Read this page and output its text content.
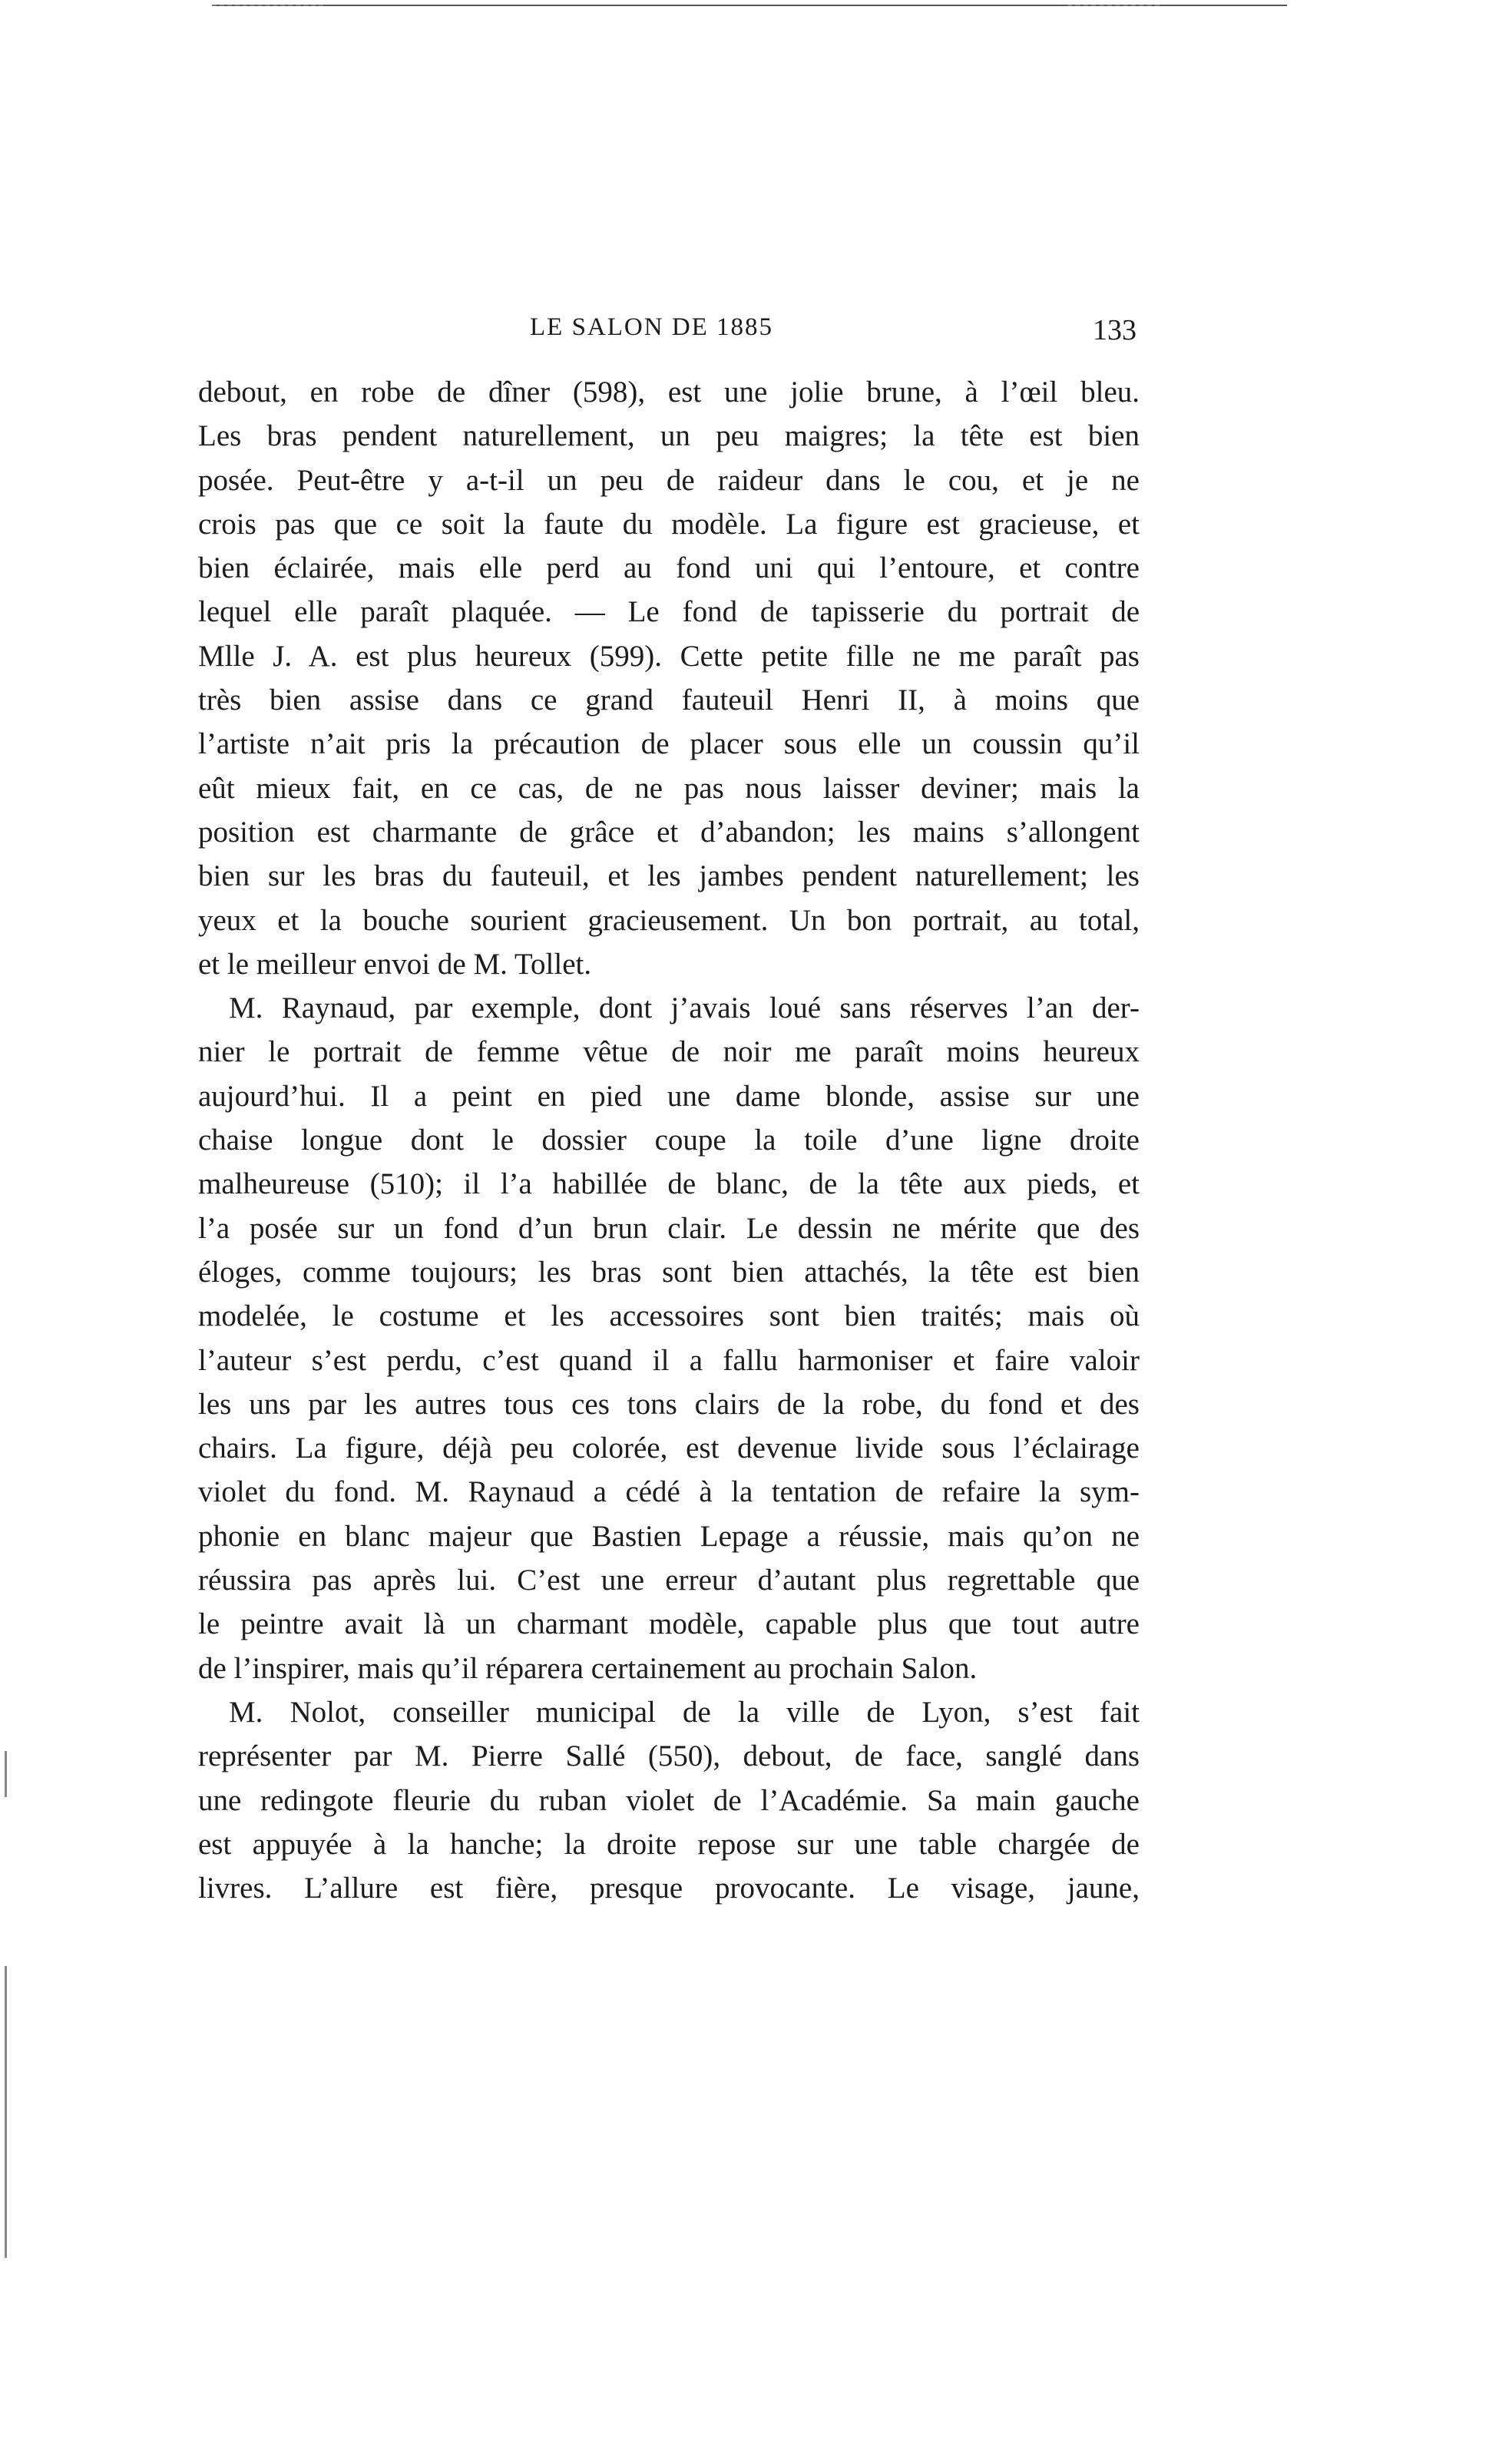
LE SALON DE 1885	133
debout, en robe de dîner (598), est une jolie brune, à l’œil bleu.
Les bras pendent naturellement, un peu maigres; la tête est bien
posée. Peut-être y a-t-il un peu de raideur dans le cou, et je ne
crois pas que ce soit la faute du modèle. La figure est gracieuse, et
bien éclairée, mais elle perd au fond uni qui l’entoure, et contre
lequel elle paraît plaquée. — Le fond de tapisserie du portrait de
Mlle J. A. est plus heureux (599). Cette petite fille ne me paraît pas
très bien assise dans ce grand fauteuil Henri II, à moins que
l’artiste n’ait pris la précaution de placer sous elle un coussin qu’il
eût mieux fait, en ce cas, de ne pas nous laisser deviner; mais la
position est charmante de grâce et d’abandon; les mains s’allongent
bien sur les bras du fauteuil, et les jambes pendent naturellement; les
yeux et la bouche sourient gracieusement. Un bon portrait, au total,
et le meilleur envoi de M. Tollet.
M. Raynaud, par exemple, dont j’avais loué sans réserves l’an der-
nier le portrait de femme vêtue de noir me paraît moins heureux
aujourd’hui. Il a peint en pied une dame blonde, assise sur une
chaise longue dont le dossier coupe la toile d’une ligne droite
malheureuse (510); il l’a habillée de blanc, de la tête aux pieds, et
l’a posée sur un fond d’un brun clair. Le dessin ne mérite que des
éloges, comme toujours; les bras sont bien attachés, la tête est bien
modelée, le costume et les accessoires sont bien traités; mais où
l’auteur s’est perdu, c’est quand il a fallu harmoniser et faire valoir
les uns par les autres tous ces tons clairs de la robe, du fond et des
chairs. La figure, déjà peu colorée, est devenue livide sous l’éclairage
violet du fond. M. Raynaud a cédé à la tentation de refaire la sym-
phonie en blanc majeur que Bastien Lepage a réussie, mais qu’on ne
réussira pas après lui. C’est une erreur d’autant plus regrettable que
le peintre avait là un charmant modèle, capable plus que tout autre
de l’inspirer, mais qu’il réparera certainement au prochain Salon.
M. Nolot, conseiller municipal de la ville de Lyon, s’est fait
représenter par M. Pierre Sallé (550), debout, de face, sanglé dans
une redingote fleurie du ruban violet de l’Académie. Sa main gauche
est appuyée à la hanche; la droite repose sur une table chargée de
livres. L’allure est fière, presque provocante. Le visage, jaune,
